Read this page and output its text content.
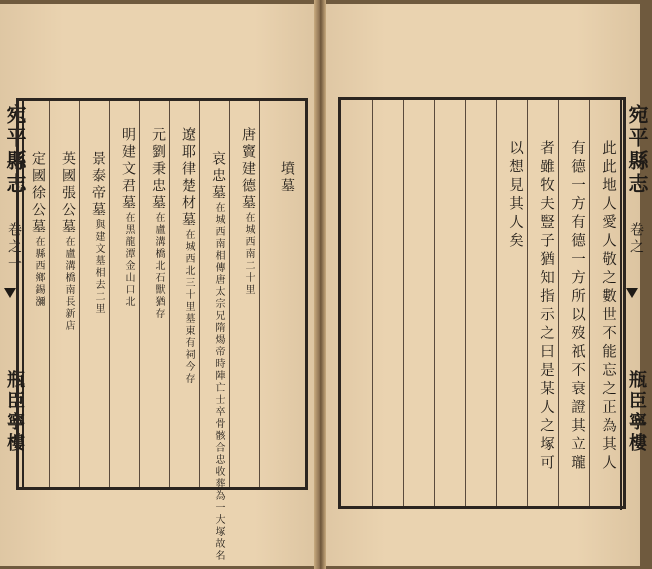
宛平縣志
卷之一
瓶臣寧樓
墳墓
唐竇建德墓在城西南二十里
哀忠墓在城西南相傳唐太宗兄隋煬帝時陣亡士卒骨骸合忠收葬為一大塚故名
遼耶律楚材墓在城西北三十里墓東有祠今存
元劉秉忠墓在盧溝橋北石獸猶存
明建文君墓在黑龍潭金山口北
景泰帝墓與建文墓相去二里
英國張公墓在盧溝橋南長新店
定國徐公墓在縣西鄉錫瀰	此此地人愛人敬之數世不能忘之正為其人
有德一方有德一方所以歿祇不衰證其立瓏
者雖牧夫豎子猶知指示之曰是某人之塚可
以想見其人矣	宛平縣志
卷之
瓶臣寧樓
